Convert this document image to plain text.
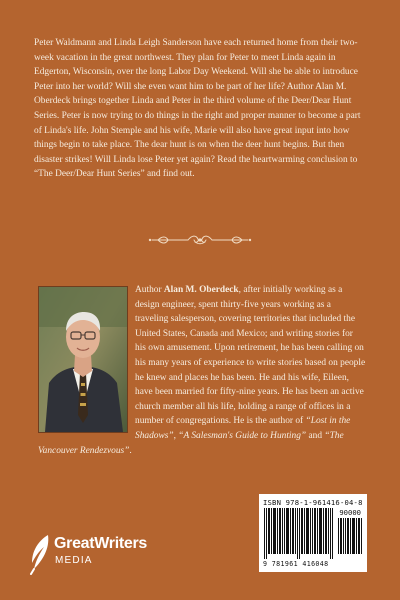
Peter Waldmann and Linda Leigh Sanderson have each returned home from their two-week vacation in the great northwest. They plan for Peter to meet Linda again in Edgerton, Wisconsin, over the long Labor Day Weekend. Will she be able to introduce Peter into her world? Will she even want him to be part of her life? Author Alan M. Oberdeck brings together Linda and Peter in the third volume of the Deer/Dear Hunt Series. Peter is now trying to do things in the right and proper manner to become a part of Linda's life. John Stemple and his wife, Marie will also have great input into how things begin to take place. The dear hunt is on when the deer hunt begins. But then disaster strikes! Will Linda lose Peter yet again? Read the heartwarming conclusion to “The Deer/Dear Hunt Series” and find out.

Author Alan M. Oberdeck, after initially working as a design engineer, spent thirty-five years working as a traveling salesperson, covering territories that included the United States, Canada and Mexico; and writing stories for his own amusement. Upon retirement, he has been calling on his many years of experience to write stories based on people he knew and places he has been. He and his wife, Eileen, have been married for fifty-nine years. He has been an active church member all his life, holding a range of offices in a number of congregations. He is the author of “Lost in the Shadows”, “A Salesman's Guide to Hunting” and “The Vancouver Rendezvous”.

ISBN 978-1-961416-04-8
90000
9 781961 416048
GreatWriters
MEDIA
